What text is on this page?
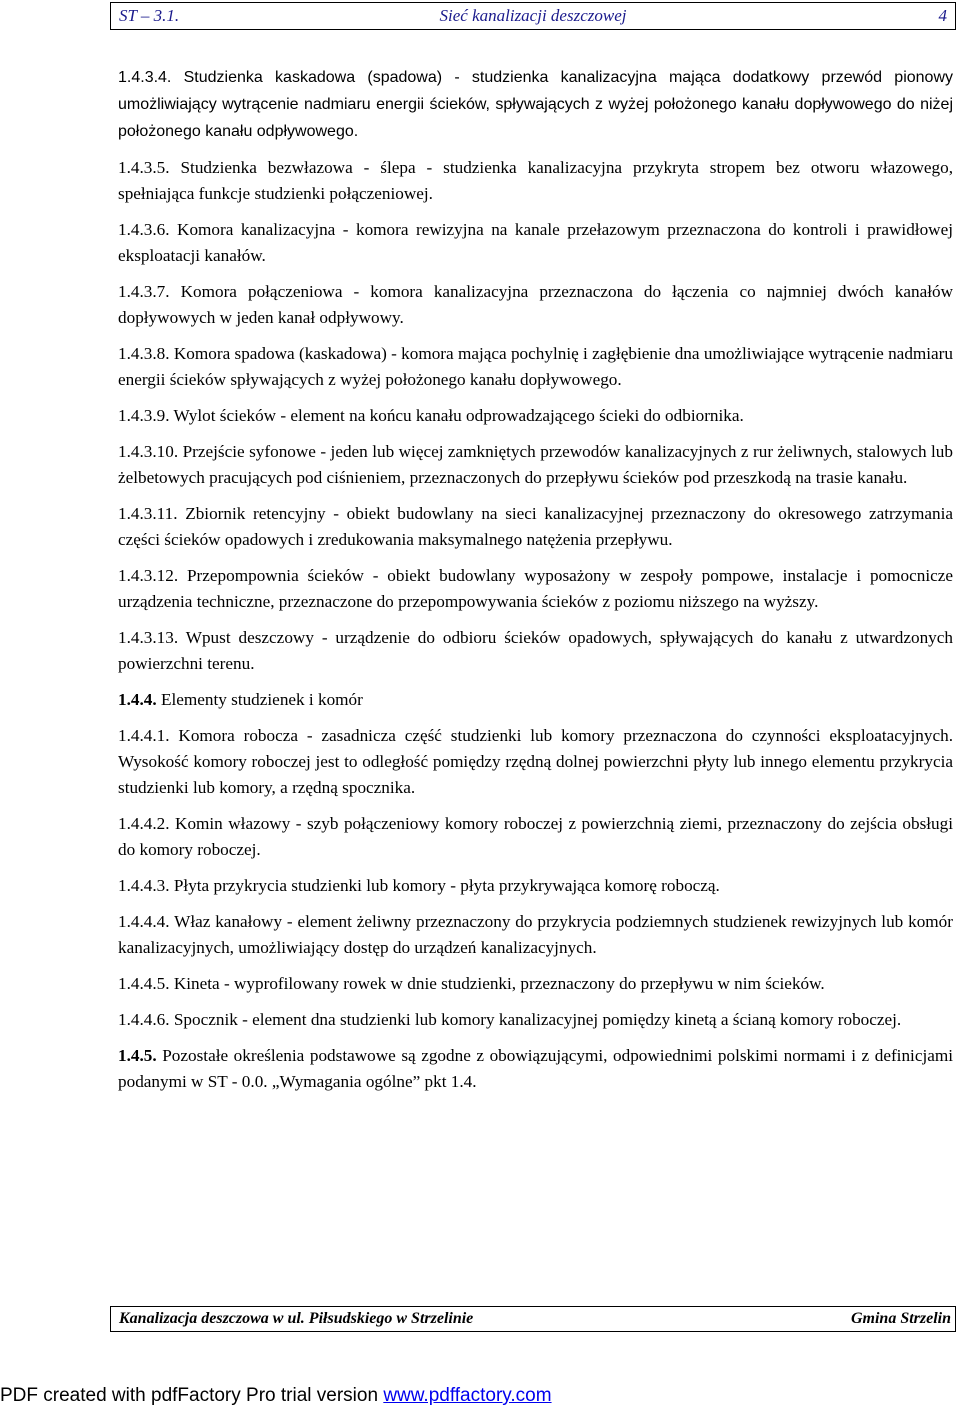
ST – 3.1.	Sieć kanalizacji deszczowej	4

1.4.3.4. Studzienka kaskadowa (spadowa) - studzienka kanalizacyjna mająca dodatkowy przewód pionowy umożliwiający wytrącenie nadmiaru energii ścieków, spływających z wyżej położonego kanału dopływowego do niżej położonego kanału odpływowego.

1.4.3.5. Studzienka bezwłazowa - ślepa - studzienka kanalizacyjna przykryta stropem bez otworu włazowego, spełniająca funkcje studzienki połączeniowej.

1.4.3.6. Komora kanalizacyjna - komora rewizyjna na kanale przełazowym przeznaczona do kontroli i prawidłowej eksploatacji kanałów.

1.4.3.7. Komora połączeniowa - komora kanalizacyjna przeznaczona do łączenia co najmniej dwóch kanałów dopływowych w jeden kanał odpływowy.

1.4.3.8. Komora spadowa (kaskadowa) - komora mająca pochylnię i zagłębienie dna umożliwiające wytrącenie nadmiaru energii ścieków spływających z wyżej położonego kanału dopływowego.

1.4.3.9. Wylot ścieków - element na końcu kanału odprowadzającego ścieki do odbiornika.

1.4.3.10. Przejście syfonowe - jeden lub więcej zamkniętych przewodów kanalizacyjnych z rur żeliwnych, stalowych lub żelbetowych pracujących pod ciśnieniem, przeznaczonych do przepływu ścieków pod przeszkodą na trasie kanału.

1.4.3.11. Zbiornik retencyjny - obiekt budowlany na sieci kanalizacyjnej przeznaczony do okresowego zatrzymania części ścieków opadowych i zredukowania maksymalnego natężenia przepływu.

1.4.3.12. Przepompownia ścieków - obiekt budowlany wyposażony w zespoły pompowe, instalacje i pomocnicze urządzenia techniczne, przeznaczone do przepompowywania ścieków z poziomu niższego na wyższy.

1.4.3.13. Wpust deszczowy - urządzenie do odbioru ścieków opadowych, spływających do kanału z utwardzonych powierzchni terenu.

1.4.4. Elementy studzienek i komór

1.4.4.1. Komora robocza - zasadnicza część studzienki lub komory przeznaczona do czynności eksploatacyjnych. Wysokość komory roboczej jest to odległość pomiędzy rzędną dolnej powierzchni płyty lub innego elementu przykrycia studzienki lub komory, a rzędną spocznika.

1.4.4.2. Komin włazowy - szyb połączeniowy komory roboczej z powierzchnią ziemi, przeznaczony do zejścia obsługi do komory roboczej.

1.4.4.3. Płyta przykrycia studzienki lub komory - płyta przykrywająca komorę roboczą.

1.4.4.4. Właz kanałowy - element żeliwny przeznaczony do przykrycia podziemnych studzienek rewizyjnych lub komór kanalizacyjnych, umożliwiający dostęp do urządzeń kanalizacyjnych.

1.4.4.5. Kineta - wyprofilowany rowek w dnie studzienki, przeznaczony do przepływu w nim ścieków.

1.4.4.6. Spocznik - element dna studzienki lub komory kanalizacyjnej pomiędzy kinetą a ścianą komory roboczej.

1.4.5. Pozostałe określenia podstawowe są zgodne z obowiązującymi, odpowiednimi polskimi normami i z definicjami podanymi w ST - 0.0. „Wymagania ogólne” pkt 1.4.

Kanalizacja deszczowa w ul. Piłsudskiego w Strzelinie	Gmina Strzelin
PDF created with pdfFactory Pro trial version www.pdffactory.com
